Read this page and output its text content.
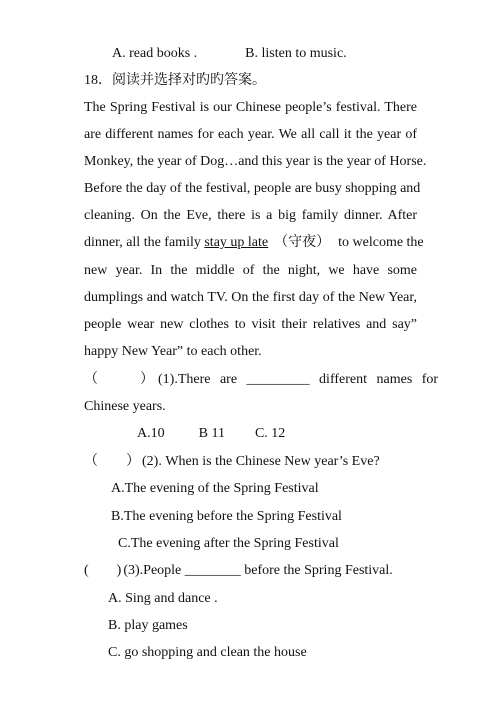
A. read books .	B. listen to music.
18．阅读并选择对旳旳答案。
The Spring Festival is our Chinese people’s festival. There
are different names for each year. We all call it the year of
Monkey, the year of Dog…and this year is the year of Horse.
Before the day of the festival, people are busy shopping and
cleaning. On the Eve, there is a big family dinner. After
dinner, all the family stay up late （守夜） to welcome the
new year. In the middle of the night, we have some
dumplings and watch TV. On the first day of the New Year,
people wear new clothes to visit their relatives and say”
happy New Year” to each other.
（　　　） (1).There are _________ different names for
Chinese years.
A.10 B 11 C. 12
（　　） (2). When is the Chinese New year’s Eve?
A.The evening of the Spring Festival
B.The evening before the Spring Festival
C.The evening after the Spring Festival
(　　) (3).People ________ before the Spring Festival.
A. Sing and dance .
B. play games
C. go shopping and clean the house
